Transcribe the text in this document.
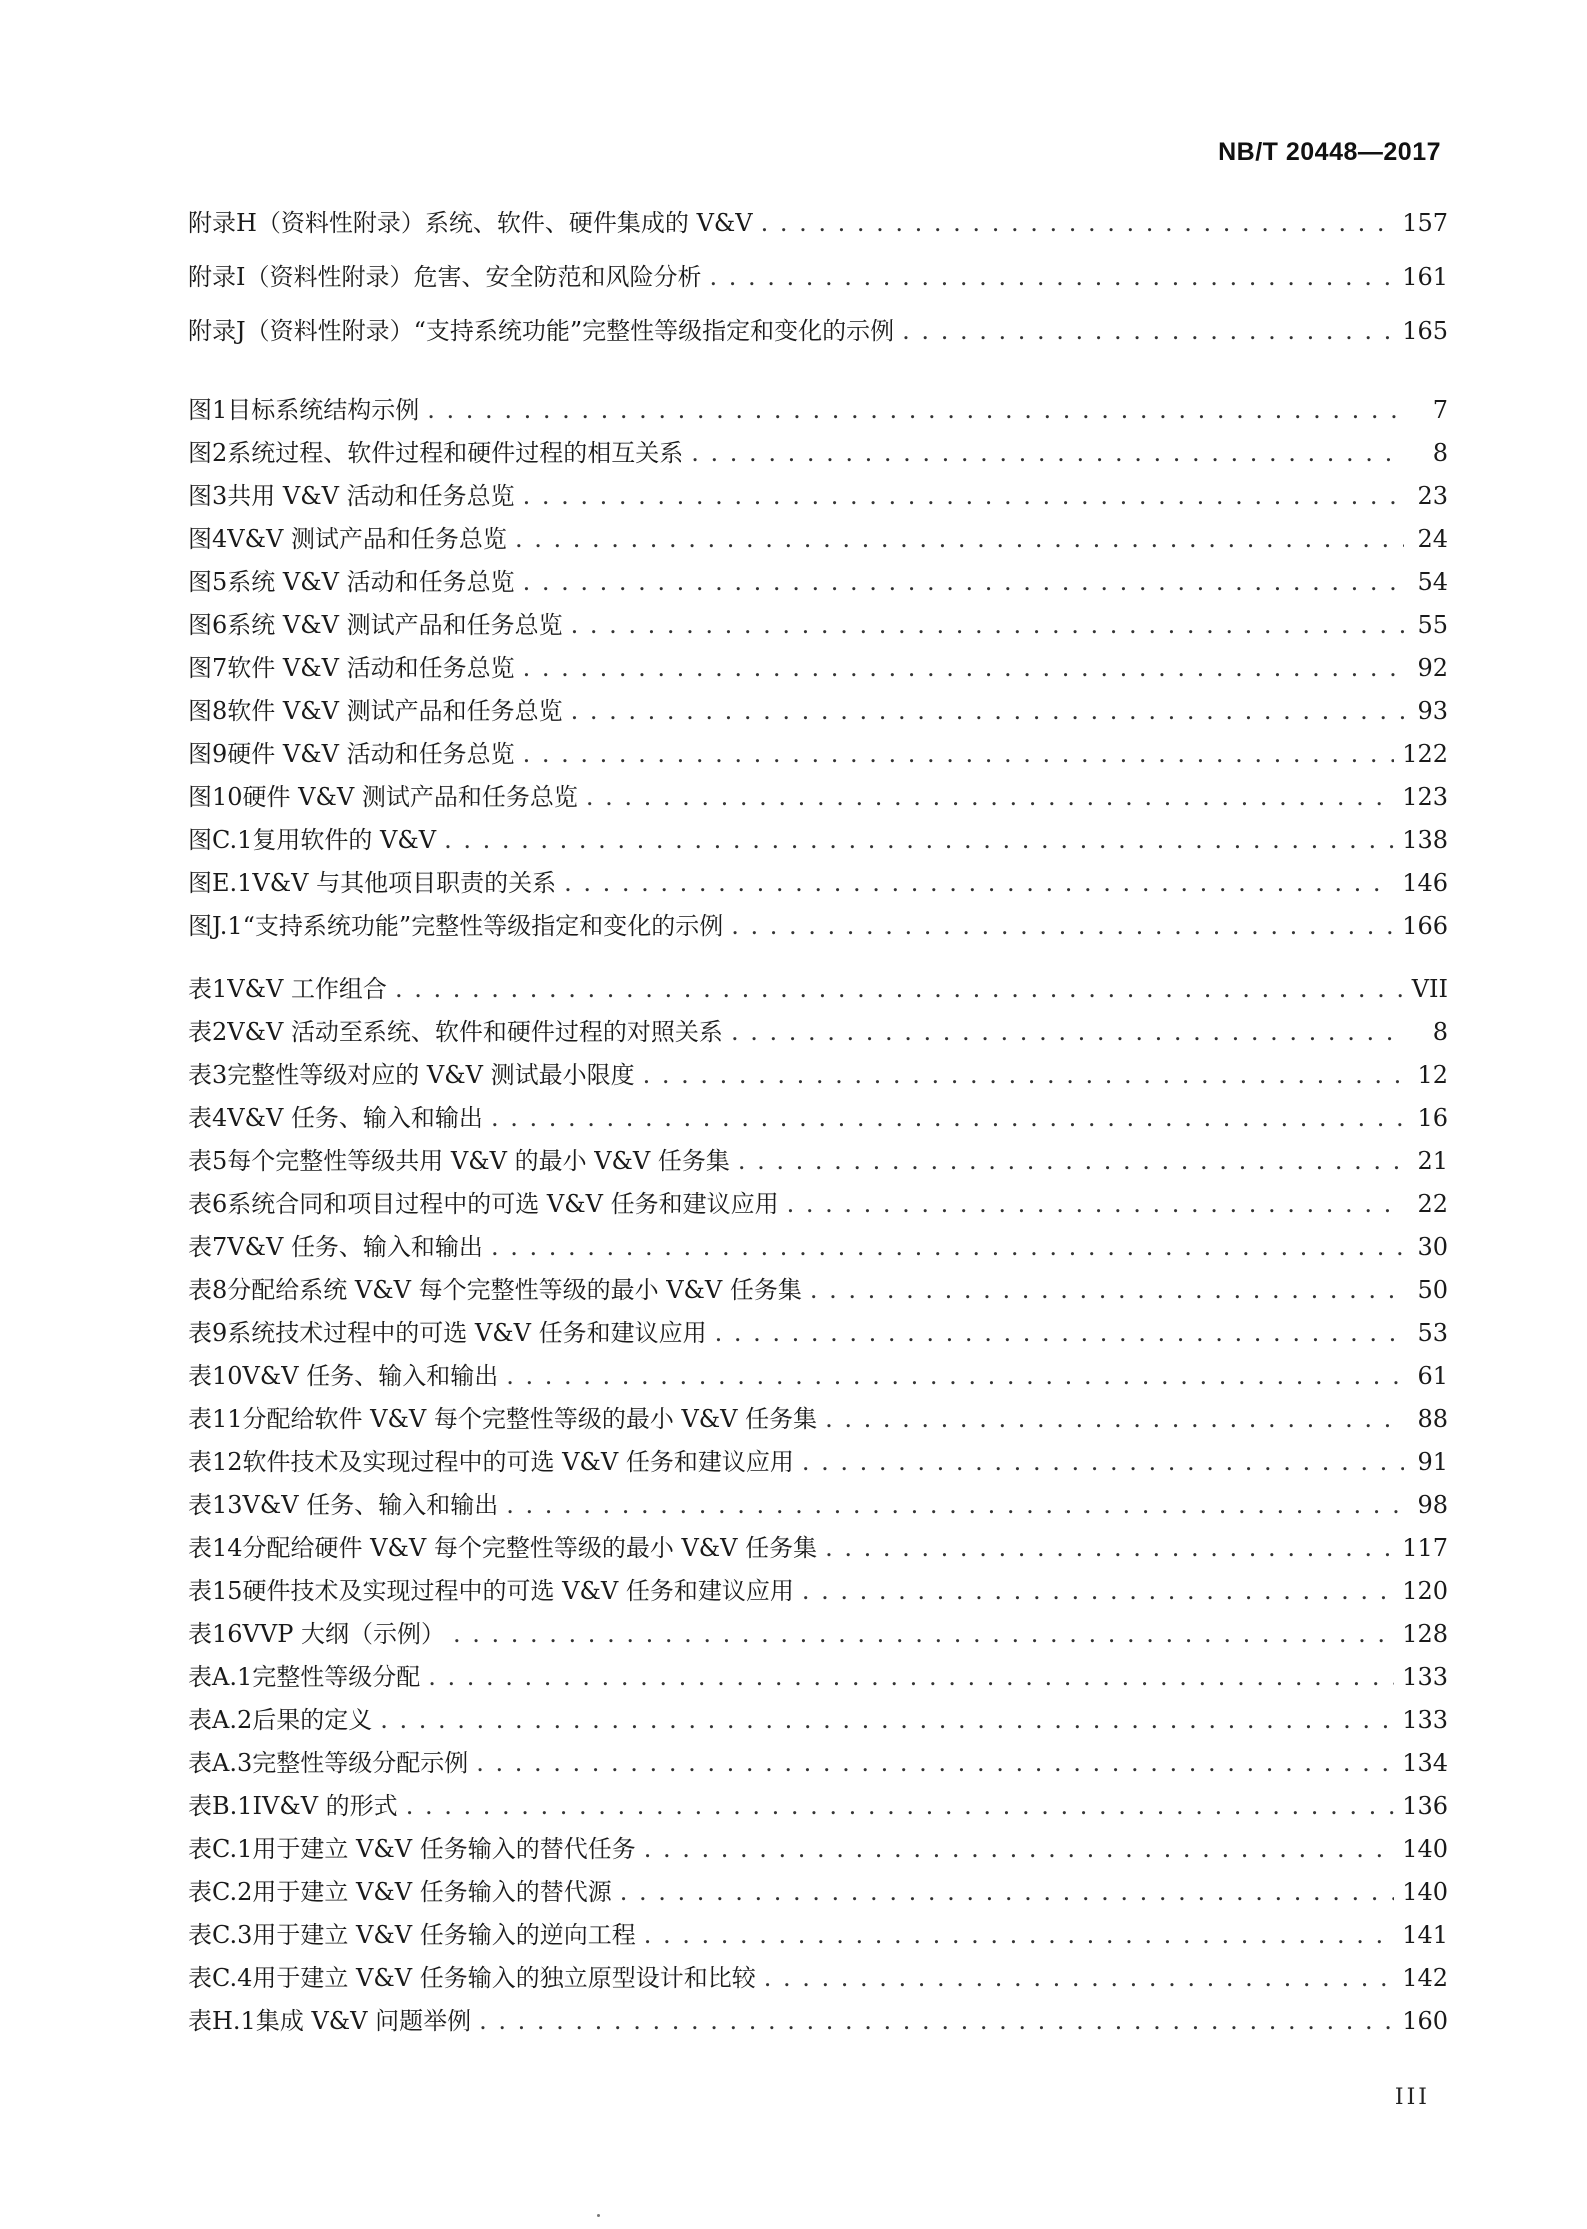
NB/T 20448—2017
附录H（资料性附录） 系统、软件、硬件集成的 V&V . . .	157
附录I（资料性附录） 危害、安全防范和风险分析 . . .	161
附录J（资料性附录） “支持系统功能”完整性等级指定和变化的示例 . . .	165
图1 目标系统结构示例 . . .	7
图2 系统过程、软件过程和硬件过程的相互关系 . . .	8
图3 共用 V&V 活动和任务总览 . . .	23
图4 V&V 测试产品和任务总览 . . .	24
图5 系统 V&V 活动和任务总览 . . .	54
图6 系统 V&V 测试产品和任务总览 . . .	55
图7 软件 V&V 活动和任务总览 . . .	92
图8 软件 V&V 测试产品和任务总览 . . .	93
图9 硬件 V&V 活动和任务总览 . . .	122
图10 硬件 V&V 测试产品和任务总览 . . .	123
图C.1 复用软件的 V&V . . .	138
图E.1 V&V 与其他项目职责的关系 . . .	146
图J.1 “支持系统功能”完整性等级指定和变化的示例 . . .	166
表1 V&V 工作组合 . . .	VII
表2 V&V 活动至系统、软件和硬件过程的对照关系 . . .	8
表3 完整性等级对应的 V&V 测试最小限度 . . .	12
表4 V&V 任务、输入和输出 . . .	16
表5 每个完整性等级共用 V&V 的最小 V&V 任务集 . . .	21
表6 系统合同和项目过程中的可选 V&V 任务和建议应用 . . .	22
表7 V&V 任务、输入和输出 . . .	30
表8 分配给系统 V&V 每个完整性等级的最小 V&V 任务集 . . .	50
表9 系统技术过程中的可选 V&V 任务和建议应用 . . .	53
表10 V&V 任务、输入和输出 . . .	61
表11 分配给软件 V&V 每个完整性等级的最小 V&V 任务集 . . .	88
表12 软件技术及实现过程中的可选 V&V 任务和建议应用 . . .	91
表13 V&V 任务、输入和输出 . . .	98
表14 分配给硬件 V&V 每个完整性等级的最小 V&V 任务集 . . .	117
表15 硬件技术及实现过程中的可选 V&V 任务和建议应用 . . .	120
表16 VVP 大纲（示例） . . .	128
表A.1 完整性等级分配 . . .	133
表A.2 后果的定义 . . .	133
表A.3 完整性等级分配示例 . . .	134
表B.1 IV&V 的形式 . . .	136
表C.1 用于建立 V&V 任务输入的替代任务 . . .	140
表C.2 用于建立 V&V 任务输入的替代源 . . .	140
表C.3 用于建立 V&V 任务输入的逆向工程 . . .	141
表C.4 用于建立 V&V 任务输入的独立原型设计和比较 . . .	142
表H.1 集成 V&V 问题举例 . . .	160
III
